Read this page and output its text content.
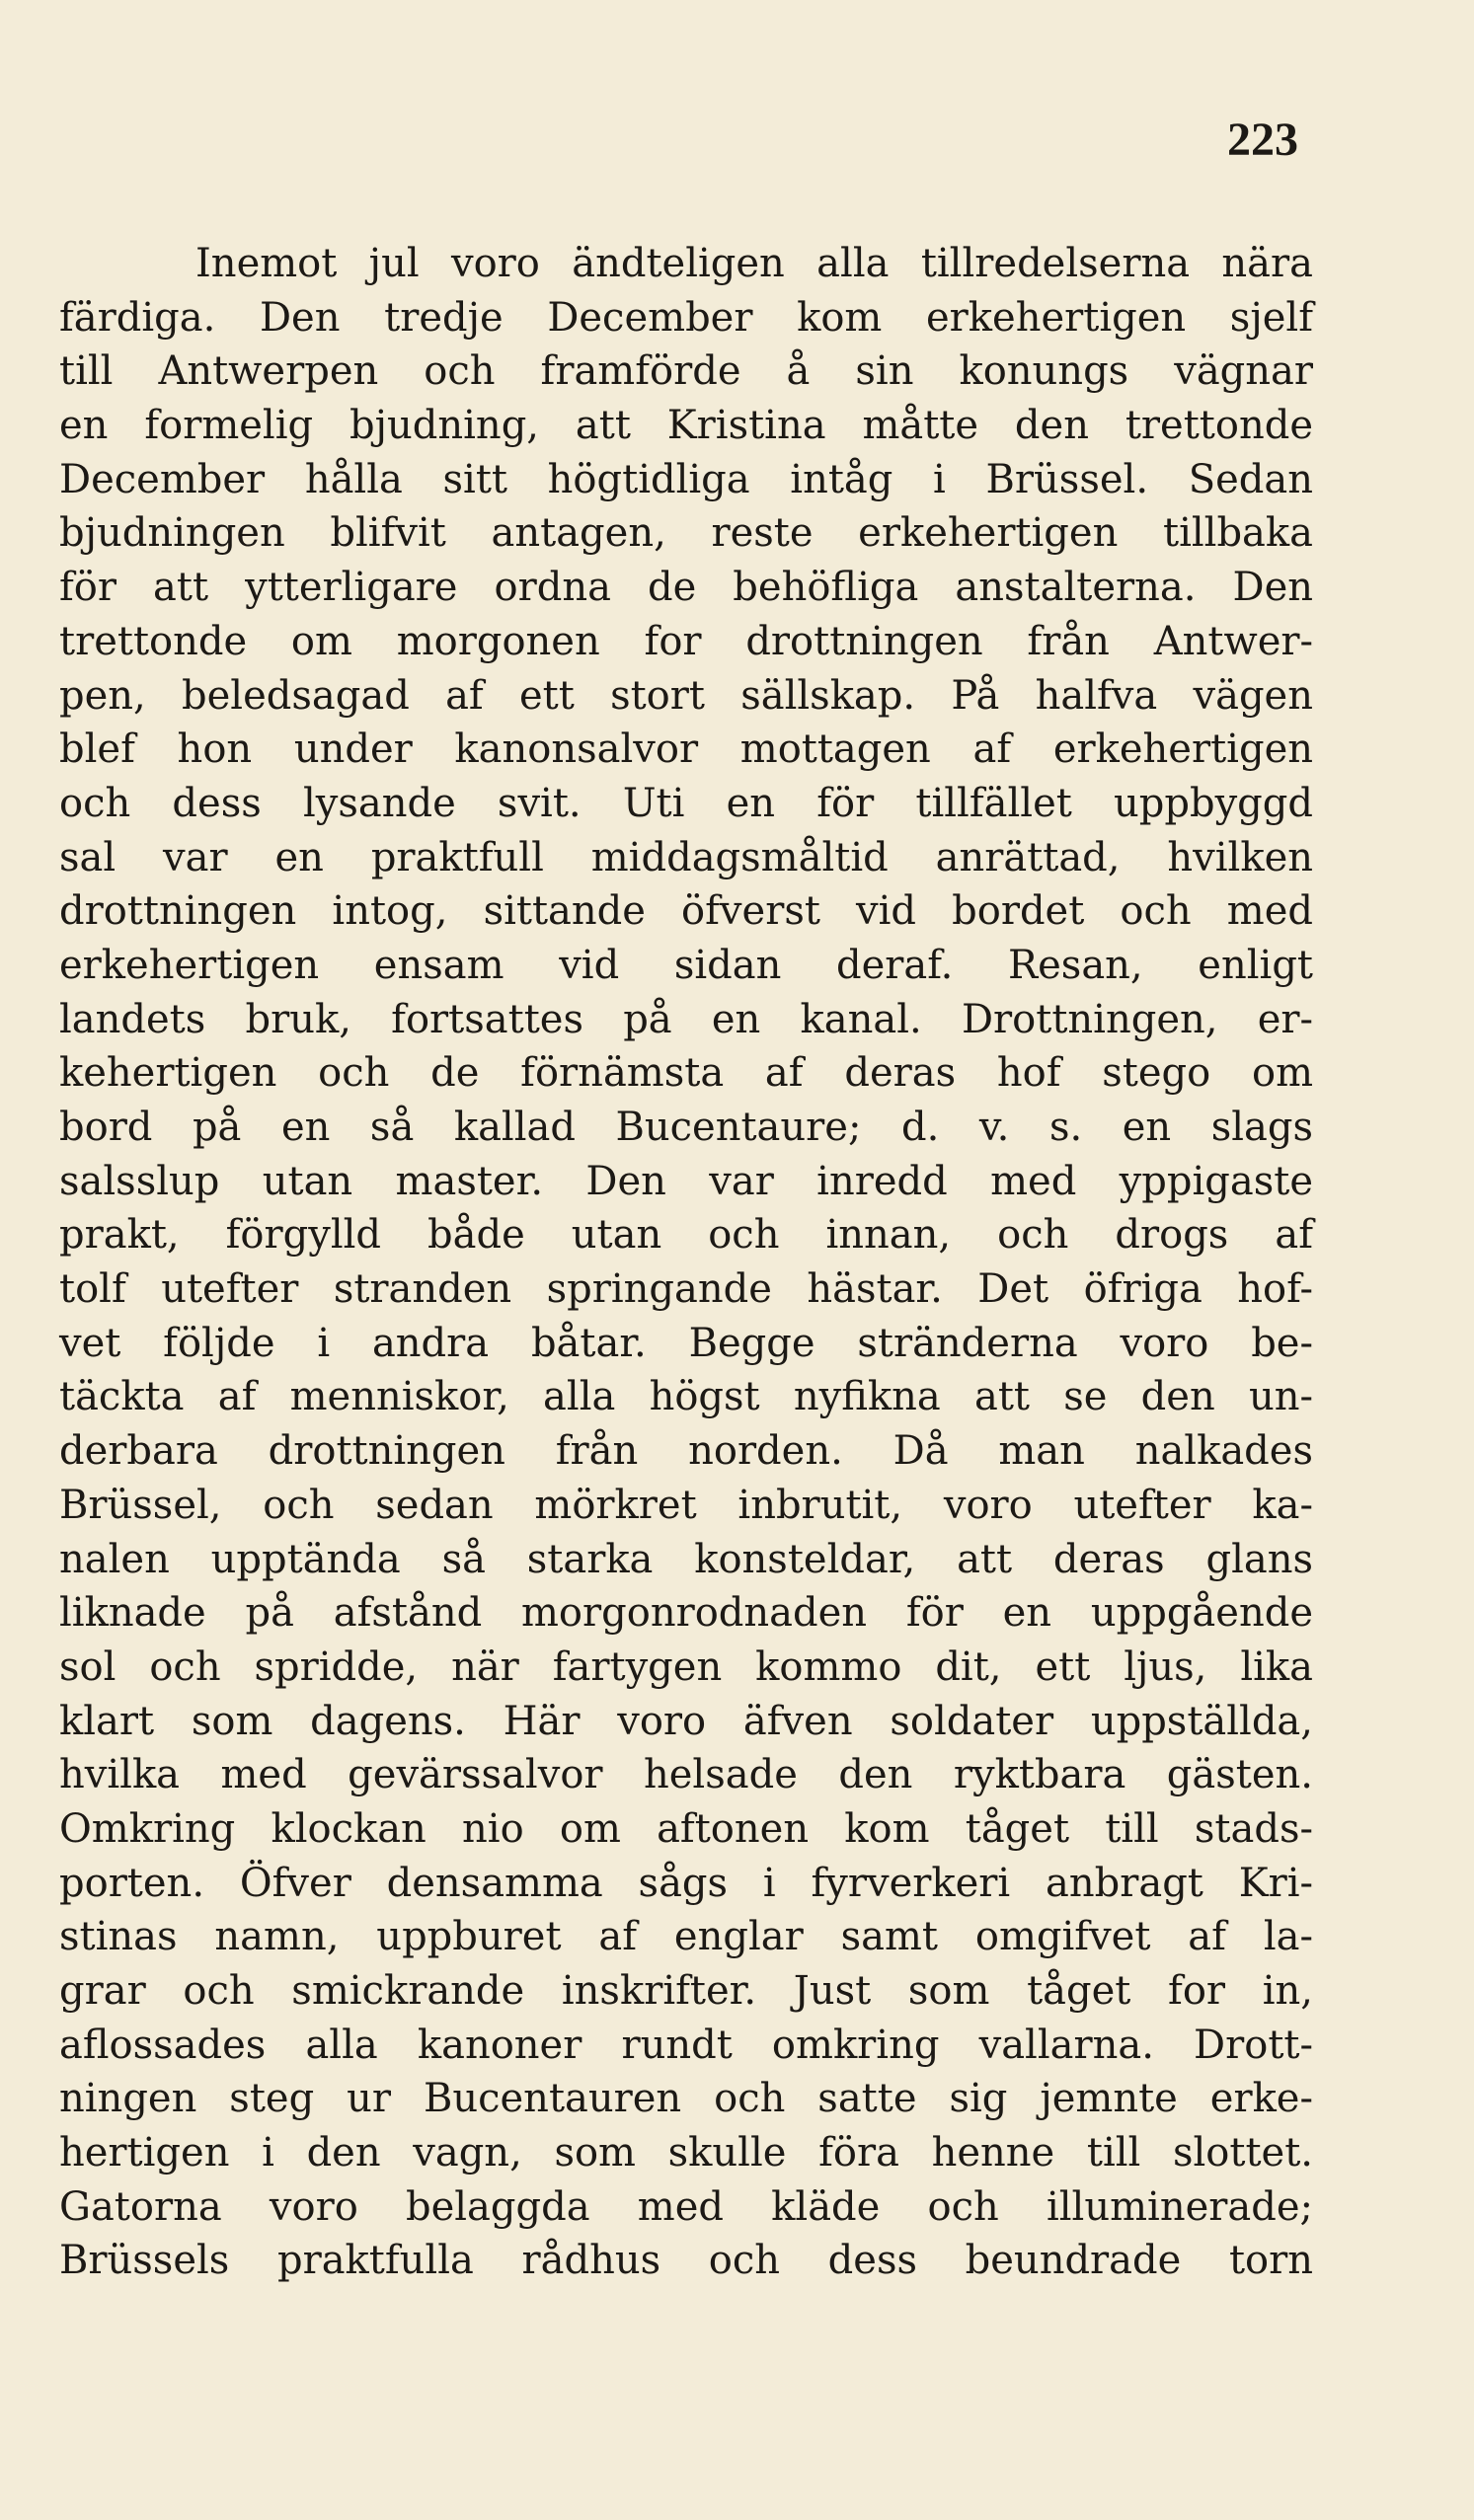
223
Inemot jul voro ändteligen alla tillredelserna nära
färdiga. Den tredje December kom erkehertigen sjelf
till Antwerpen och framförde å sin konungs vägnar
en formelig bjudning, att Kristina måtte den trettonde
December hålla sitt högtidliga intåg i Brüssel. Sedan
bjudningen blifvit antagen, reste erkehertigen tillbaka
för att ytterligare ordna de behöfliga anstalterna. Den
trettonde om morgonen for drottningen från Antwer-
pen, beledsagad af ett stort sällskap. På halfva vägen
blef hon under kanonsalvor mottagen af erkehertigen
och dess lysande svit. Uti en för tillfället uppbyggd
sal var en praktfull middagsmåltid anrättad, hvilken
drottningen intog, sittande öfverst vid bordet och med
erkehertigen ensam vid sidan deraf. Resan, enligt
landets bruk, fortsattes på en kanal. Drottningen, er-
kehertigen och de förnämsta af deras hof stego om
bord på en så kallad Bucentaure; d. v. s. en slags
salsslup utan master. Den var inredd med yppigaste
prakt, förgylld både utan och innan, och drogs af
tolf utefter stranden springande hästar. Det öfriga hof-
vet följde i andra båtar. Begge stränderna voro be-
täckta af menniskor, alla högst nyfikna att se den un-
derbara drottningen från norden. Då man nalkades
Brüssel, och sedan mörkret inbrutit, voro utefter ka-
nalen upptända så starka konsteldar, att deras glans
liknade på afstånd morgonrodnaden för en uppgående
sol och spridde, när fartygen kommo dit, ett ljus, lika
klart som dagens. Här voro äfven soldater uppställda,
hvilka med gevärssalvor helsade den ryktbara gästen.
Omkring klockan nio om aftonen kom tåget till stads-
porten. Öfver densamma sågs i fyrverkeri anbragt Kri-
stinas namn, uppburet af englar samt omgifvet af la-
grar och smickrande inskrifter. Just som tåget for in,
aflossades alla kanoner rundt omkring vallarna. Drott-
ningen steg ur Bucentauren och satte sig jemnte erke-
hertigen i den vagn, som skulle föra henne till slottet.
Gatorna voro belaggda med kläde och illuminerade;
Brüssels praktfulla rådhus och dess beundrade torn
